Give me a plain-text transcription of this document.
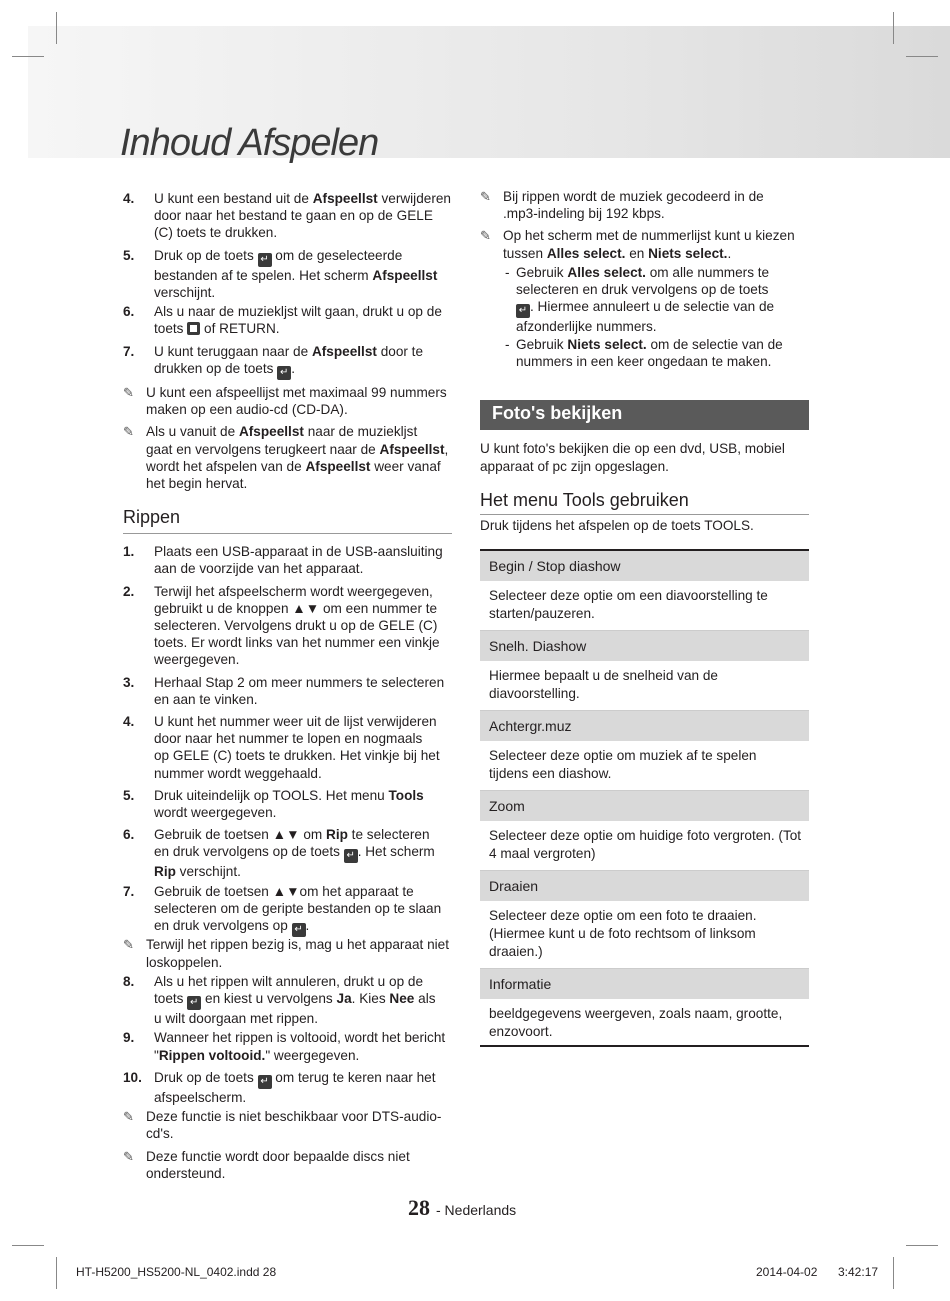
Inhoud Afspelen
4. U kunt een bestand uit de Afspeellst verwijderen
door naar het bestand te gaan en op de GELE
(C) toets te drukken.
5. Druk op de toets ↵ om de geselecteerde
bestanden af te spelen. Het scherm Afspeellst
verschijnt.
6. Als u naar de muziekljst wilt gaan, drukt u op de
toets  of RETURN.
7. U kunt teruggaan naar de Afspeellst door te
drukken op de toets ↵ .
✎ U kunt een afspeellijst met maximaal 99 nummers
maken op een audio-cd (CD-DA).
✎ Als u vanuit de Afspeellst naar de muziekljst
gaat en vervolgens terugkeert naar de Afspeellst,
wordt het afspelen van de Afspeellst weer vanaf
het begin hervat.
Rippen
1. Plaats een USB-apparaat in de USB-aansluiting
aan de voorzijde van het apparaat.
2. Terwijl het afspeelscherm wordt weergegeven,
gebruikt u de knoppen ▲▼ om een nummer te
selecteren. Vervolgens drukt u op de GELE (C)
toets. Er wordt links van het nummer een vinkje
weergegeven.
3. Herhaal Stap 2 om meer nummers te selecteren
en aan te vinken.
4. U kunt het nummer weer uit de lijst verwijderen
door naar het nummer te lopen en nogmaals
op GELE (C) toets te drukken. Het vinkje bij het
nummer wordt weggehaald.
5. Druk uiteindelijk op TOOLS. Het menu Tools
wordt weergegeven.
6. Gebruik de toetsen ▲▼ om Rip te selecteren
en druk vervolgens op de toets ↵ . Het scherm
Rip verschijnt.
7. Gebruik de toetsen ▲▼om het apparaat te
selecteren om de geripte bestanden op te slaan
en druk vervolgens op ↵ .
✎ Terwijl het rippen bezig is, mag u het apparaat niet
loskoppelen.
8. Als u het rippen wilt annuleren, drukt u op de
toets ↵ en kiest u vervolgens Ja. Kies Nee als
u wilt doorgaan met rippen.
9. Wanneer het rippen is voltooid, wordt het bericht
"Rippen voltooid." weergegeven.
10. Druk op de toets ↵ om terug te keren naar het
afspeelscherm.
✎ Deze functie is niet beschikbaar voor DTS-audio-
cd's.
✎ Deze functie wordt door bepaalde discs niet
ondersteund.
✎ Bij rippen wordt de muziek gecodeerd in de
.mp3-indeling bij 192 kbps.
✎ Op het scherm met de nummerlijst kunt u kiezen
tussen Alles select. en Niets select..
- Gebruik Alles select. om alle nummers te
selecteren en druk vervolgens op de toets
↵ . Hiermee annuleert u de selectie van de
afzonderlijke nummers.
- Gebruik Niets select. om de selectie van de
nummers in een keer ongedaan te maken.
Foto's bekijken
U kunt foto's bekijken die op een dvd, USB, mobiel
apparaat of pc zijn opgeslagen.
Het menu Tools gebruiken
Druk tijdens het afspelen op de toets TOOLS.
Begin / Stop diashow
Selecteer deze optie om een diavoorstelling te
starten/pauzeren.
Snelh. Diashow
Hiermee bepaalt u de snelheid van de
diavoorstelling.
Achtergr.muz
Selecteer deze optie om muziek af te spelen
tijdens een diashow.
Zoom
Selecteer deze optie om huidige foto vergroten. (Tot
4 maal vergroten)
Draaien
Selecteer deze optie om een foto te draaien.
(Hiermee kunt u de foto rechtsom of linksom
draaien.)
Informatie
beeldgegevens weergeven, zoals naam, grootte,
enzovoort.
28 - Nederlands
HT-H5200_HS5200-NL_0402.indd 28	2014-04-02 3:42:17
